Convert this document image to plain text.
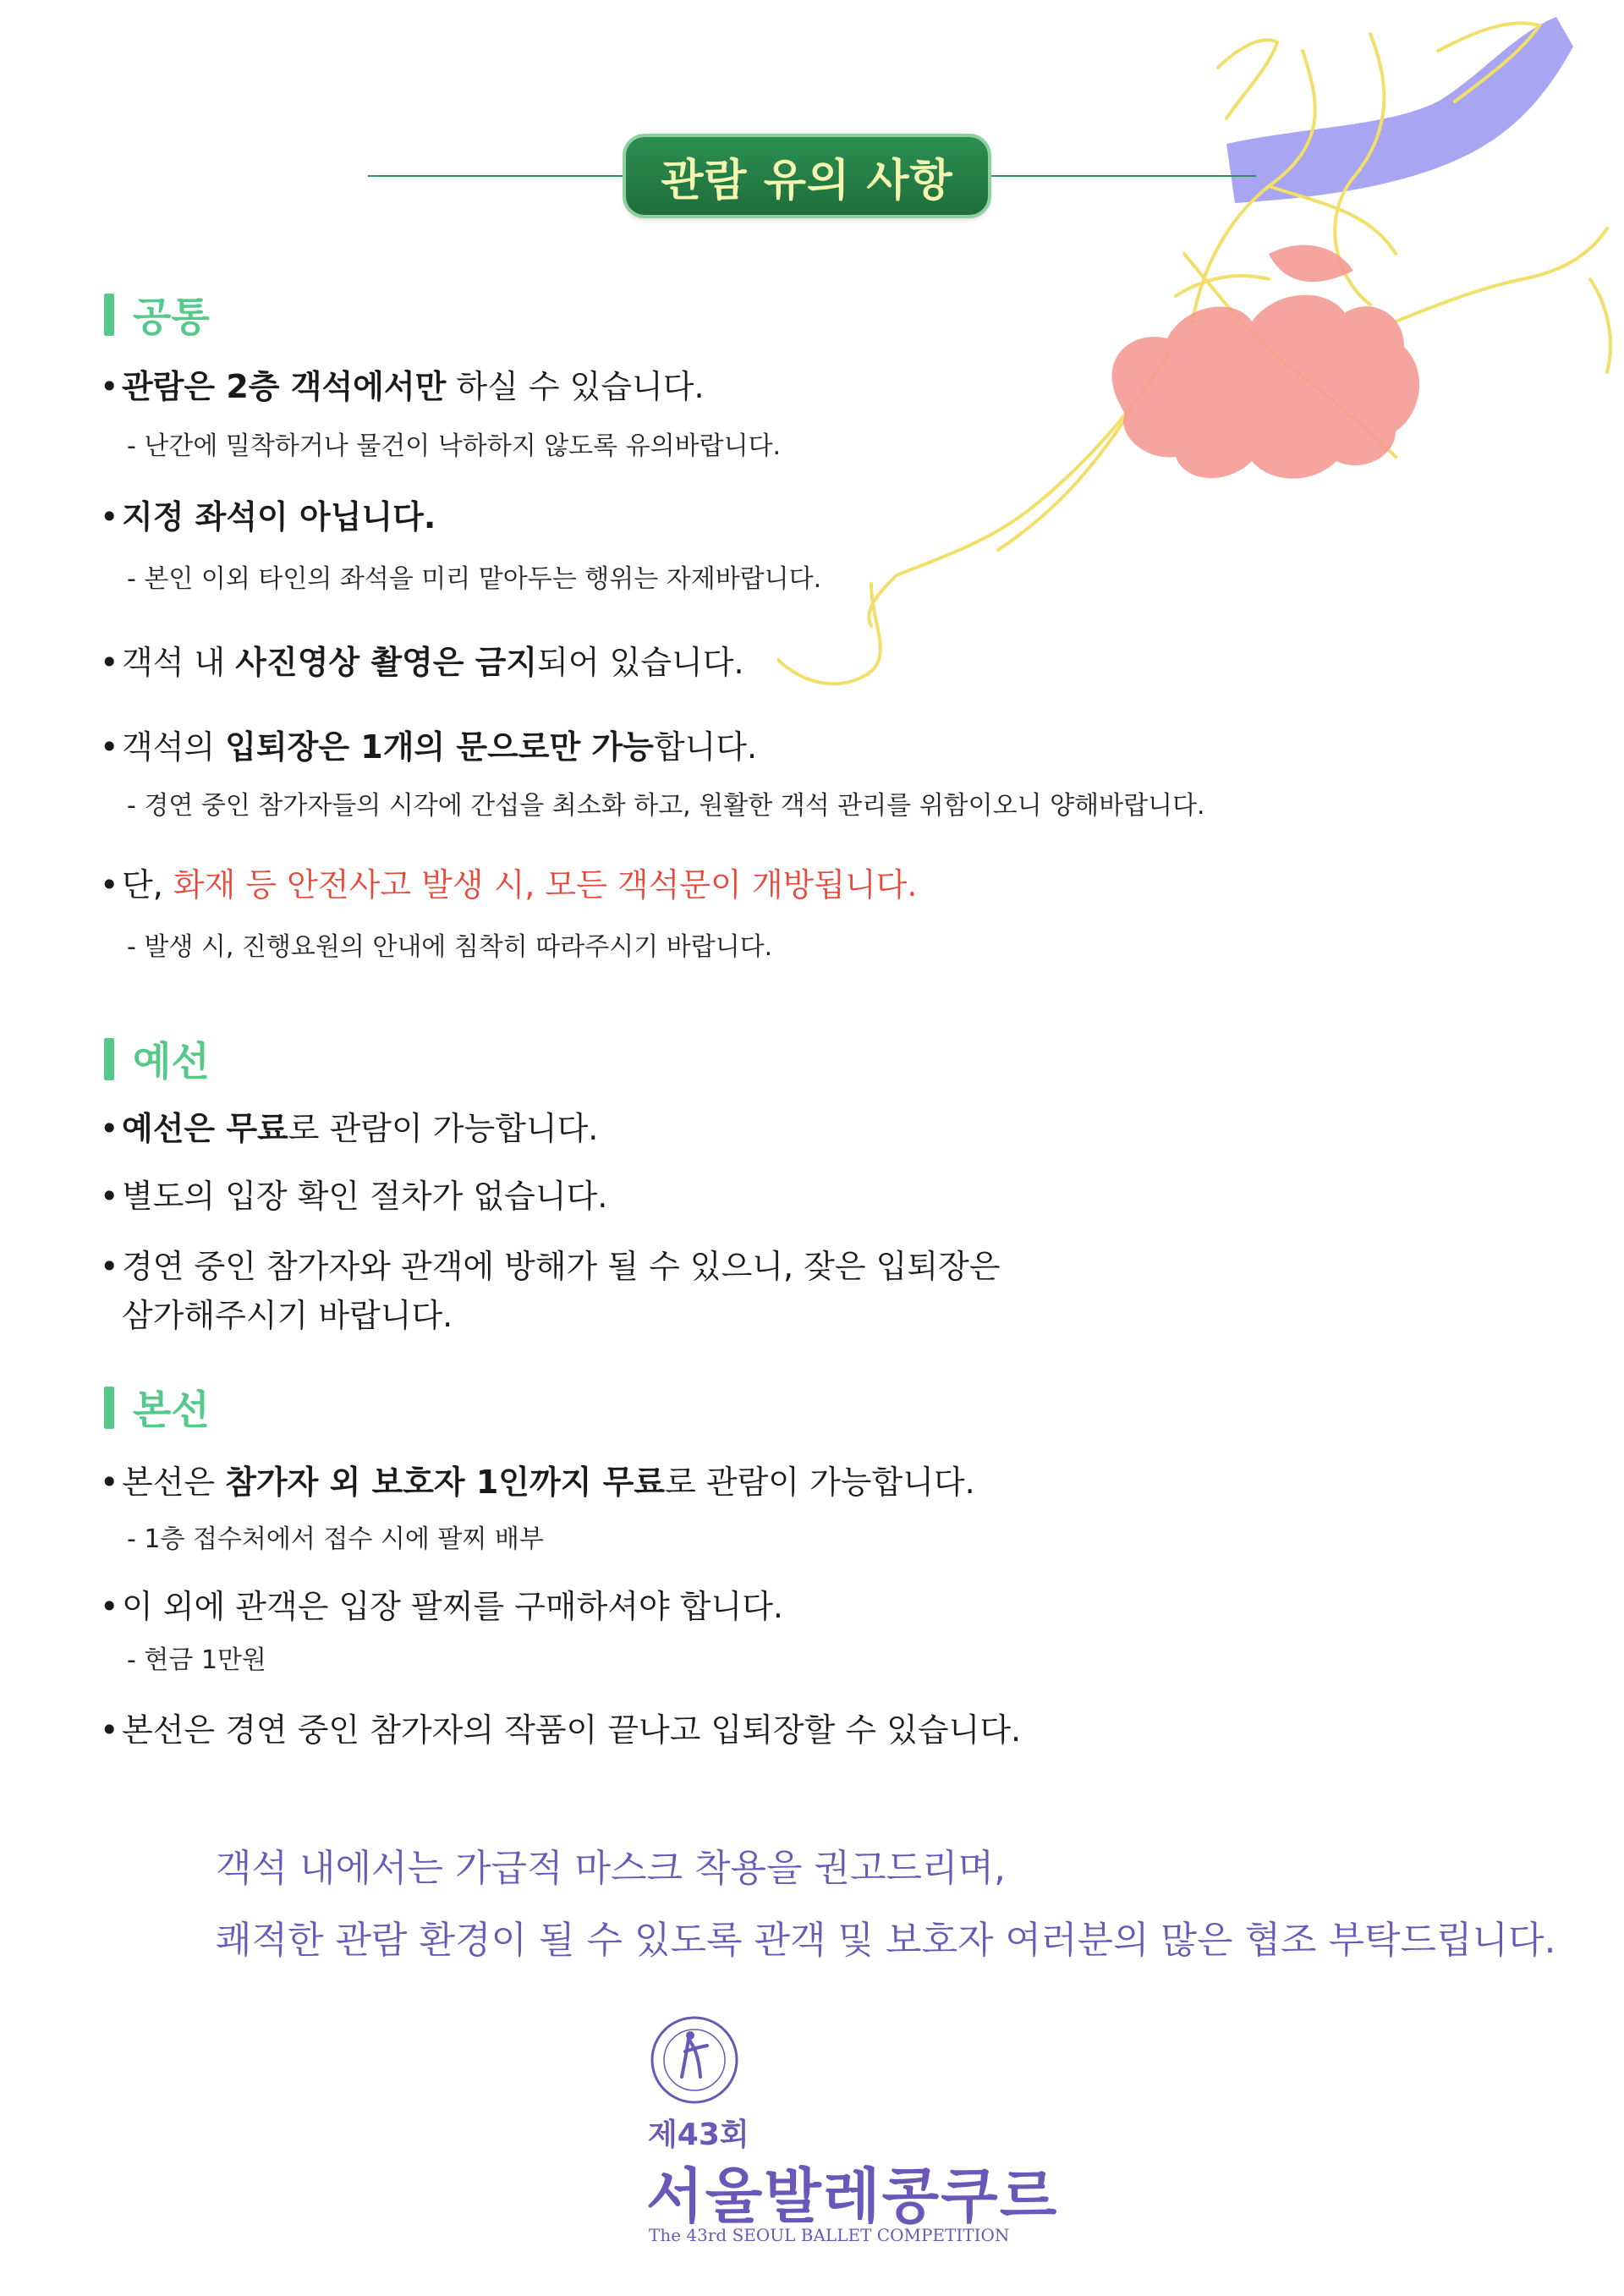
관람 유의 사항
공통
•관람은 2층 객석에서만 하실 수 있습니다.
- 난간에 밀착하거나 물건이 낙하하지 않도록 유의바랍니다.
•지정 좌석이 아닙니다.
- 본인 이외 타인의 좌석을 미리 맡아두는 행위는 자제바랍니다.
•객석 내 사진영상 촬영은 금지되어 있습니다.
•객석의 입퇴장은 1개의 문으로만 가능합니다.
- 경연 중인 참가자들의 시각에 간섭을 최소화 하고, 원활한 객석 관리를 위함이오니 양해바랍니다.
•단, 화재 등 안전사고 발생 시, 모든 객석문이 개방됩니다.
- 발생 시, 진행요원의 안내에 침착히 따라주시기 바랍니다.
예선
•예선은 무료로 관람이 가능합니다.
•별도의 입장 확인 절차가 없습니다.
•경연 중인 참가자와 관객에 방해가 될 수 있으니, 잦은 입퇴장은
삼가해주시기 바랍니다.
본선
•본선은 참가자 외 보호자 1인까지 무료로 관람이 가능합니다.
- 1층 접수처에서 접수 시에 팔찌 배부
•이 외에 관객은 입장 팔찌를 구매하셔야 합니다.
- 현금 1만원
•본선은 경연 중인 참가자의 작품이 끝나고 입퇴장할 수 있습니다.
객석 내에서는 가급적 마스크 착용을 권고드리며,
쾌적한 관람 환경이 될 수 있도록 관객 및 보호자 여러분의 많은 협조 부탁드립니다.
제43회
서울발레콩쿠르
The 43rd SEOUL BALLET COMPETITION
